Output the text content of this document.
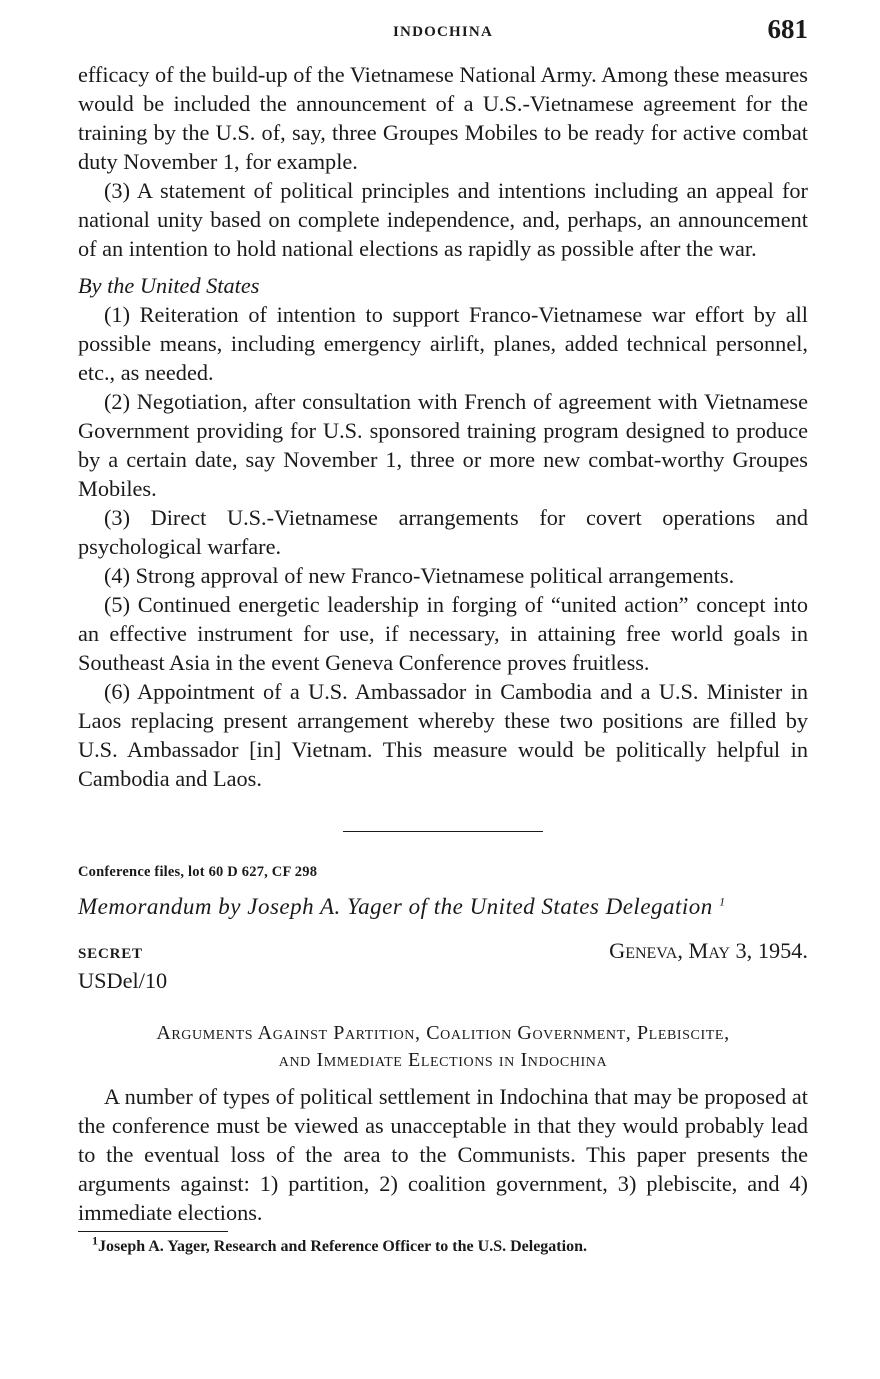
INDOCHINA	681

efficacy of the build-up of the Vietnamese National Army. Among these measures would be included the announcement of a U.S.-Vietnamese agreement for the training by the U.S. of, say, three Groupes Mobiles to be ready for active combat duty November 1, for example.

(3) A statement of political principles and intentions including an appeal for national unity based on complete independence, and, perhaps, an announcement of an intention to hold national elections as rapidly as possible after the war.

By the United States

(1) Reiteration of intention to support Franco-Vietnamese war effort by all possible means, including emergency airlift, planes, added technical personnel, etc., as needed.

(2) Negotiation, after consultation with French of agreement with Vietnamese Government providing for U.S. sponsored training program designed to produce by a certain date, say November 1, three or more new combat-worthy Groupes Mobiles.

(3) Direct U.S.-Vietnamese arrangements for covert operations and psychological warfare.

(4) Strong approval of new Franco-Vietnamese political arrangements.

(5) Continued energetic leadership in forging of “united action” concept into an effective instrument for use, if necessary, in attaining free world goals in Southeast Asia in the event Geneva Conference proves fruitless.

(6) Appointment of a U.S. Ambassador in Cambodia and a U.S. Minister in Laos replacing present arrangement whereby these two positions are filled by U.S. Ambassador [in] Vietnam. This measure would be politically helpful in Cambodia and Laos.

Conference files, lot 60 D 627, CF 298
Memorandum by Joseph A. Yager of the United States Delegation $^1$
SECRET	Geneva, May 3, 1954.
USDel/10
Arguments Against Partition, Coalition Government, Plebiscite,
and Immediate Elections in Indochina

A number of types of political settlement in Indochina that may be proposed at the conference must be viewed as unacceptable in that they would probably lead to the eventual loss of the area to the Communists. This paper presents the arguments against: 1) partition, 2) coalition government, 3) plebiscite, and 4) immediate elections.

$^1$Joseph A. Yager, Research and Reference Officer to the U.S. Delegation.
